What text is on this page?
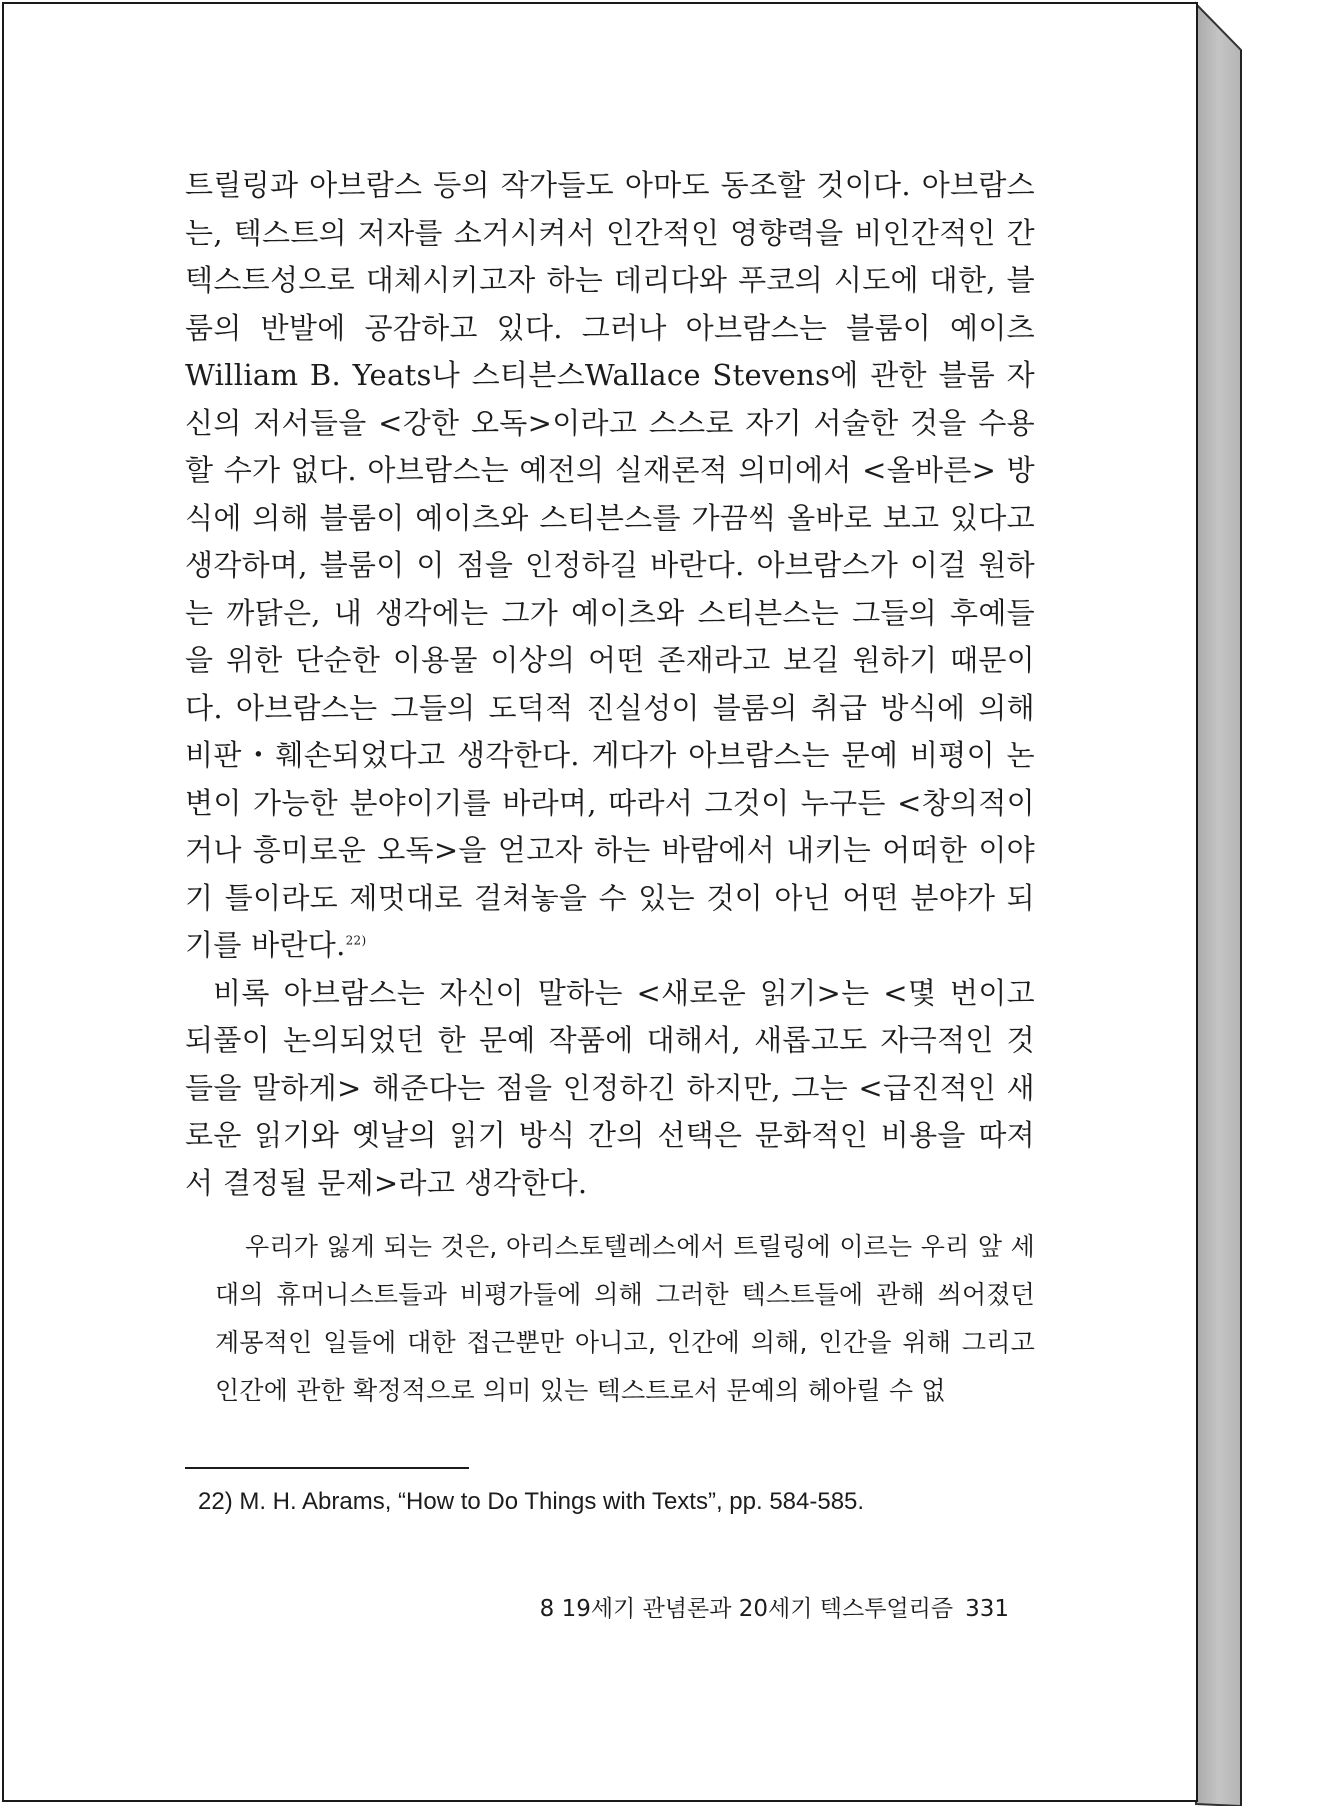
트릴링과 아브람스 등의 작가들도 아마도 동조할 것이다. 아브람스는, 텍스트의 저자를 소거시켜서 인간적인 영향력을 비인간적인 간텍스트성으로 대체시키고자 하는 데리다와 푸코의 시도에 대한, 블룸의 반발에 공감하고 있다. 그러나 아브람스는 블룸이 예이츠William B. Yeats나 스티븐스Wallace Stevens에 관한 블룸 자신의 저서들을 <강한 오독>이라고 스스로 자기 서술한 것을 수용할 수가 없다. 아브람스는 예전의 실재론적 의미에서 <올바른> 방식에 의해 블룸이 예이츠와 스티븐스를 가끔씩 올바로 보고 있다고 생각하며, 블룸이 이 점을 인정하길 바란다. 아브람스가 이걸 원하는 까닭은, 내 생각에는 그가 예이츠와 스티븐스는 그들의 후예들을 위한 단순한 이용물 이상의 어떤 존재라고 보길 원하기 때문이다. 아브람스는 그들의 도덕적 진실성이 블룸의 취급 방식에 의해 비판・훼손되었다고 생각한다. 게다가 아브람스는 문예 비평이 논변이 가능한 분야이기를 바라며, 따라서 그것이 누구든 <창의적이거나 흥미로운 오독>을 얻고자 하는 바람에서 내키는 어떠한 이야기 틀이라도 제멋대로 걸쳐놓을 수 있는 것이 아닌 어떤 분야가 되기를 바란다.$^{22)}$

비록 아브람스는 자신이 말하는 <새로운 읽기>는 <몇 번이고 되풀이 논의되었던 한 문예 작품에 대해서, 새롭고도 자극적인 것들을 말하게> 해준다는 점을 인정하긴 하지만, 그는 <급진적인 새로운 읽기와 옛날의 읽기 방식 간의 선택은 문화적인 비용을 따져서 결정될 문제>라고 생각한다.

우리가 잃게 되는 것은, 아리스토텔레스에서 트릴링에 이르는 우리 앞 세대의 휴머니스트들과 비평가들에 의해 그러한 텍스트들에 관해 씌어졌던 계몽적인 일들에 대한 접근뿐만 아니고, 인간에 의해, 인간을 위해 그리고 인간에 관한 확정적으로 의미 있는 텍스트로서 문예의 헤아릴 수 없
22) M. H. Abrams, “How to Do Things with Texts”, pp. 584-585.
8 19세기 관념론과 20세기 텍스투얼리즘 331
